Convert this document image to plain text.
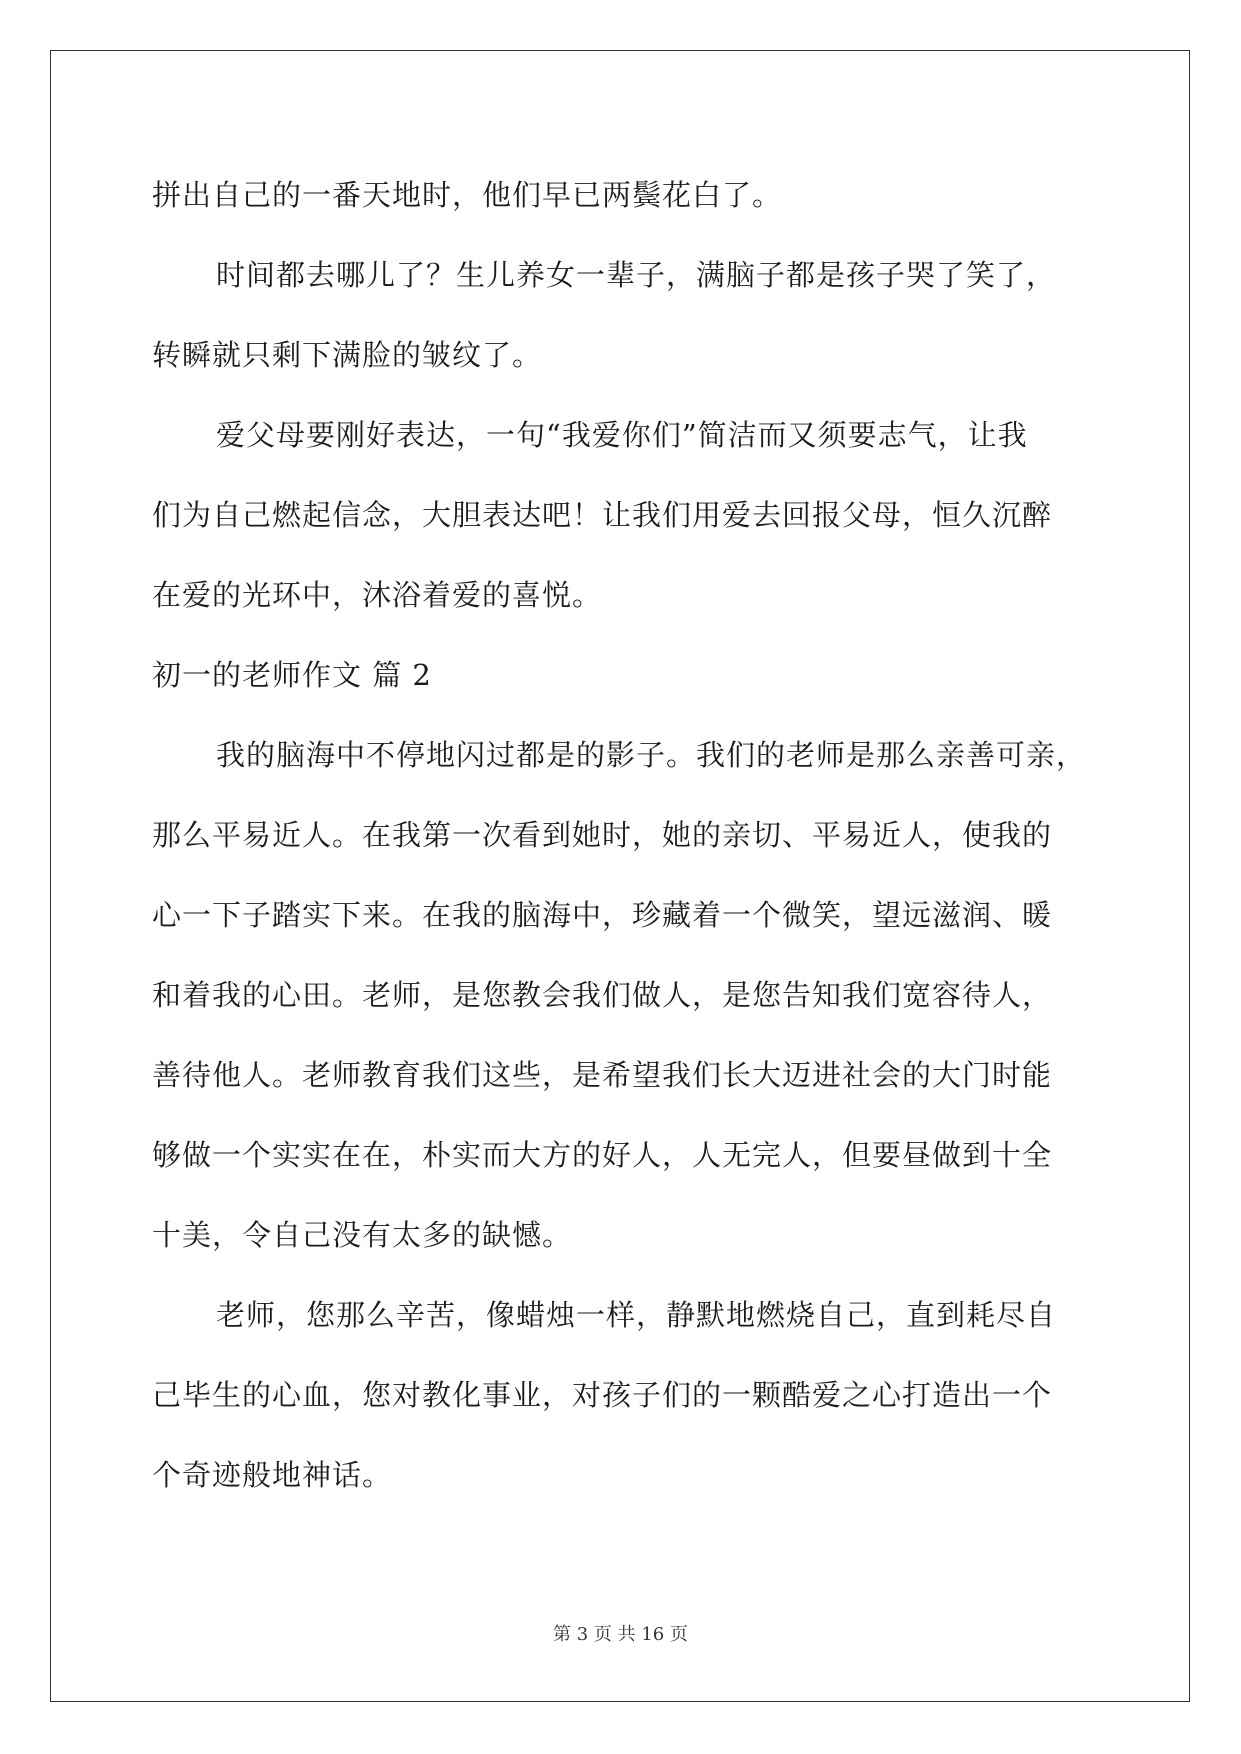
拼出自己的一番天地时，他们早已两鬓花白了。
时间都去哪儿了？生儿养女一辈子，满脑子都是孩子哭了笑了，
转瞬就只剩下满脸的皱纹了。
爱父母要刚好表达，一句“我爱你们”简洁而又须要志气，让我
们为自己燃起信念，大胆表达吧！让我们用爱去回报父母，恒久沉醉
在爱的光环中，沐浴着爱的喜悦。
初一的老师作文 篇 2
我的脑海中不停地闪过都是的影子。我们的老师是那么亲善可亲，
那么平易近人。在我第一次看到她时，她的亲切、平易近人，使我的
心一下子踏实下来。在我的脑海中，珍藏着一个微笑，望远滋润、暖
和着我的心田。老师，是您教会我们做人，是您告知我们宽容待人，
善待他人。老师教育我们这些，是希望我们长大迈进社会的大门时能
够做一个实实在在，朴实而大方的好人，人无完人，但要昼做到十全
十美，令自己没有太多的缺憾。
老师，您那么辛苦，像蜡烛一样，静默地燃烧自己，直到耗尽自
己毕生的心血，您对教化事业，对孩子们的一颗酷爱之心打造出一个
个奇迹般地神话。
第 3 页 共 16 页
